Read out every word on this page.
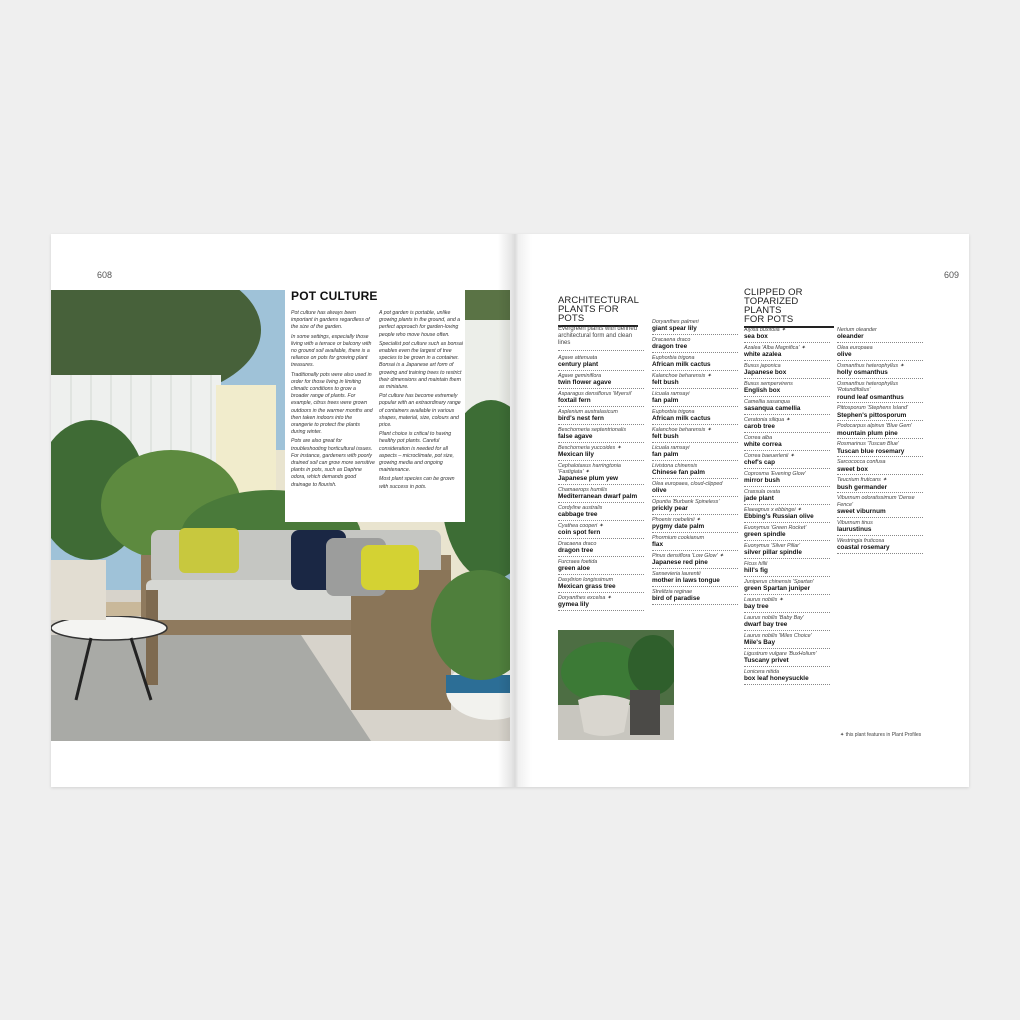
608
POT CULTURE

Pot culture has always been important in gardens regardless of the size of the garden.

In some settings, especially those living with a terrace or balcony with no ground soil available, there is a reliance on pots for growing plant treasures.

Traditionally pots were also used in order for those living in limiting climatic conditions to grow a broader range of plants. For example, citrus trees were grown outdoors in the warmer months and then taken indoors into the orangerie to protect the plants during winter.

Pots are also great for troubleshooting horticultural issues. For instance, gardeners with poorly drained soil can grow more sensitive plants in pots, such as Daphne odora, which demands good drainage to flourish.

A pot garden is portable, unlike growing plants in the ground, and a perfect approach for garden-loving people who move house often.

Specialist pot culture such as bonsai enables even the largest of tree species to be grown in a container. Bonsai is a Japanese art form of growing and training trees to restrict their dimensions and maintain them as miniature.

Pot culture has become extremely popular with an extraordinary range of containers available in various shapes, material, size, colours and price.

Plant choice is critical to having healthy pot plants. Careful consideration is needed for all aspects – microclimate, pot size, growing media and ongoing maintenance.

Most plant species can be grown with success in pots.

609
ARCHITECTURAL
PLANTS FOR POTS
Evergreen plants with defined architectural form and clean lines
Agave attenuata
century plant
Agave geminiflora
twin flower agave
Asparagus densiflorus 'Myersii'
foxtail fern
Asplenium australasicum
bird's nest fern
Beschorneria septentrionalis
false agave
Beschorneria yuccoides ✦
Mexican lily
Cephalotaxus harringtonia 'Fastigiata' ✦
Japanese plum yew
Chamaerops humilis
Mediterranean dwarf palm
Cordyline australis
cabbage tree
Cyathea cooperi ✦
coin spot fern
Dracaena draco
dragon tree
Furcraea foetida
green aloe
Dasylirion longissimum
Mexican grass tree
Doryanthes excelsa ✦
gymea lily
Doryanthes palmeri
giant spear lily
Dracaena draco
dragon tree
Euphorbia trigona
African milk cactus
Kalanchoe beharensis ✦
felt bush
Licuala ramsayi
fan palm
Euphorbia trigona
African milk cactus
Kalanchoe beharensis ✦
felt bush
Licuala ramsayi
fan palm
Livistona chinensis
Chinese fan palm
Olea europaea, cloud-clipped
olive
Opuntia 'Burbank Spineless'
prickly pear
Phoenix roebelinii ✦
pygmy date palm
Phormium cookianum
flax
Pinus densiflora 'Low Glow' ✦
Japanese red pine
Sansevieria laurentii
mother in laws tongue
Strelitzia reginae
bird of paradise
CLIPPED OR
TOPARIZED PLANTS
FOR POTS
Alyxia buxifolia ✦
sea box
Azalea 'Alba Magnifica' ✦
white azalea
Buxus japonica
Japanese box
Buxus sempervirens
English box
Camellia sasanqua
sasanqua camellia
Ceratonia siliqua ✦
carob tree
Correa alba
white correa
Correa baeuerlenii ✦
chef's cap
Coprosma 'Evening Glow'
mirror bush
Crassula ovata
jade plant
Elaeagnus x ebbingei ✦
Ebbing's Russian olive
Euonymus 'Green Rocket'
green spindle
Euonymus 'Silver Pillar'
silver pillar spindle
Ficus hillii
hill's fig
Juniperus chinensis 'Spartan'
green Spartan juniper
Laurus nobilis ✦
bay tree
Laurus nobilis 'Baby Bay'
dwarf bay tree
Laurus nobilis 'Miles Choice'
Mile's Bay
Ligustrum vulgare 'BuxHolium'
Tuscany privet
Lonicera nitida
box leaf honeysuckle
Nerium oleander
oleander
Olea europaea
olive
Osmanthus heterophyllus ✦
holly osmanthus
Osmanthus heterophyllus 'Rotundifolius'
round leaf osmanthus
Pittosporum 'Stephens Island'
Stephen's pittosporum
Podocarpus alpinus 'Blue Gem'
mountain plum pine
Rosmarinus 'Tuscan Blue'
Tuscan blue rosemary
Sarcococca confusa
sweet box
Teucrium fruticans ✦
bush germander
Viburnum odoratissimum 'Dense Fence'
sweet viburnum
Viburnum tinus
laurustinus
Westringia fruticosa
coastal rosemary
✦ this plant features in Plant Profiles
